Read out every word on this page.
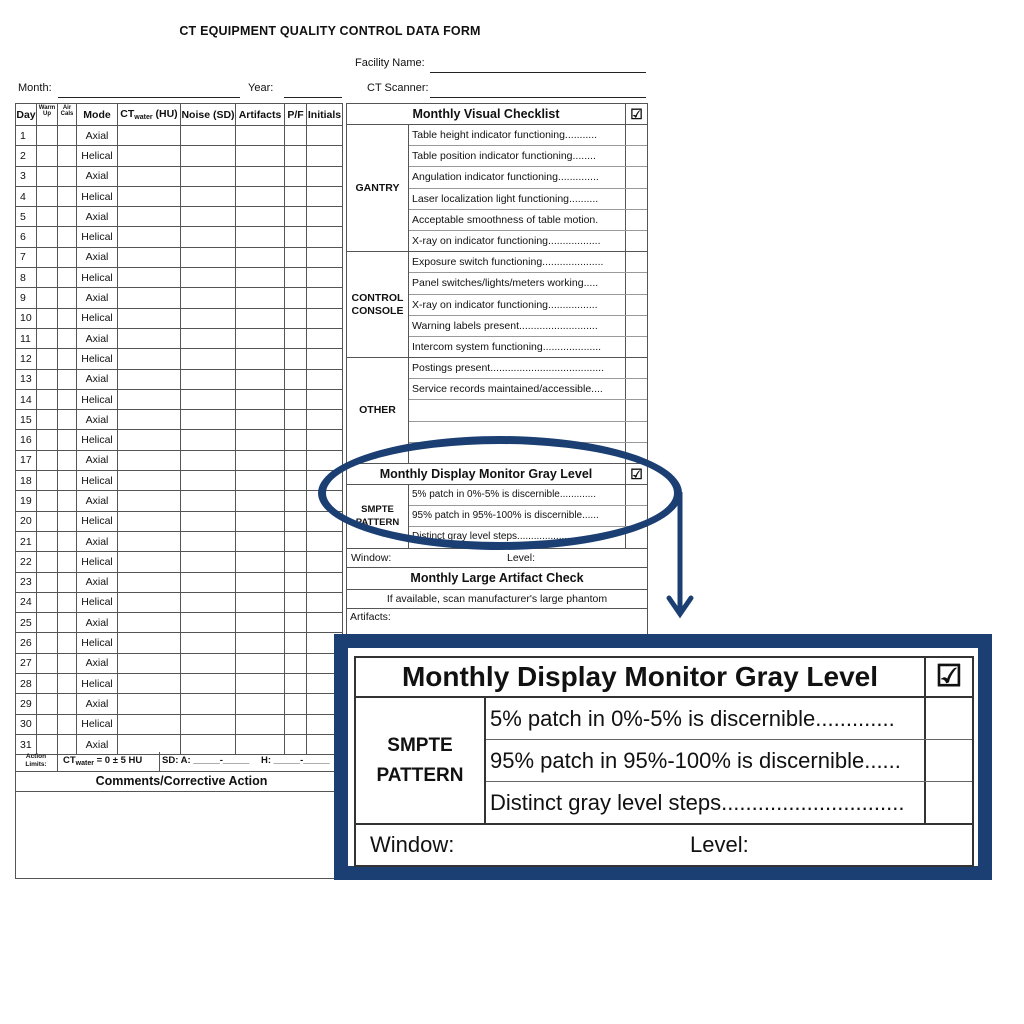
CT EQUIPMENT QUALITY CONTROL DATA FORM
Facility Name:
Month:	Year:	CT Scanner:
Day	Warm Up	Air Cals	Mode	$CT_{water}$ (HU)	Noise (SD)	Artifacts	P/F	Initials
1			Axial					
2			Helical					
3			Axial					
4			Helical					
5			Axial					
6			Helical					
7			Axial					
8			Helical					
9			Axial					
10			Helical					
11			Axial					
12			Helical					
13			Axial					
14			Helical					
15			Axial					
16			Helical					
17			Axial					
18			Helical					
19			Axial					
20			Helical					
21			Axial					
22			Helical					
23			Axial					
24			Helical					
25			Axial					
26			Helical					
27			Axial					
28			Helical					
29			Axial					
30			Helical					
31			Axial					
Action Limits:	$CT_{water} = 0 \pm 5$ HU SD: A: _____-_____ H: _____-_____
Comments/Corrective Action
Monthly Visual Checklist	☑
GANTRY
Table height indicator functioning...........
Table position indicator functioning........
Angulation indicator functioning..............
Laser localization light functioning..........
Acceptable smoothness of table motion.
X-ray on indicator functioning..................
CONTROL CONSOLE
Exposure switch functioning.....................
Panel switches/lights/meters working.....
X-ray on indicator functioning.................
Warning labels present...........................
Intercom system functioning....................
OTHER
Postings present.......................................
Service records maintained/accessible....
Monthly Display Monitor Gray Level	☑
SMPTE PATTERN
5% patch in 0%-5% is discernible.............
95% patch in 95%-100% is discernible......
Distinct gray level steps..............................
Window:	Level:
Monthly Large Artifact Check
If available, scan manufacturer's large phantom
Artifacts:
Monthly Display Monitor Gray Level	☑
SMPTE PATTERN
5% patch in 0%-5% is discernible.............
95% patch in 95%-100% is discernible......
Distinct gray level steps..............................
Window:	Level:
